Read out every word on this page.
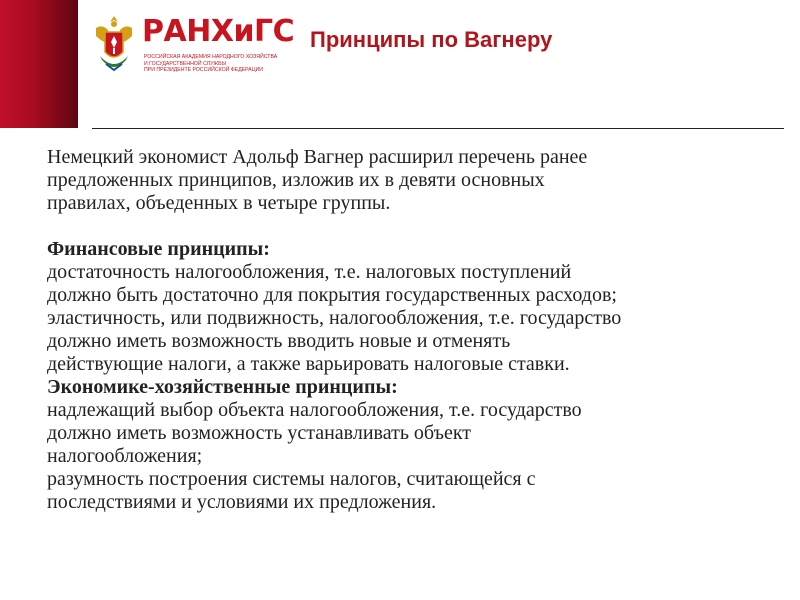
РАНХиГС
РОССИЙСКАЯ АКАДЕМИЯ НАРОДНОГО ХОЗЯЙСТВА
И ГОСУДАРСТВЕННОЙ СЛУЖБЫ
ПРИ ПРЕЗИДЕНТЕ РОССИЙСКОЙ ФЕДЕРАЦИИ
Принципы по Вагнеру

Немецкий экономист Адольф Вагнер расширил перечень ранее
предложенных принципов, изложив их в девяти основных
правилах, объеденных в четыре группы.

Финансовые принципы:

достаточность налогообложения, т.е. налоговых поступлений
должно быть достаточно для покрытия государственных расходов;

эластичность, или подвижность, налогообложения, т.е. государство
должно иметь возможность вводить новые и отменять
действующие налоги, а также варьировать налоговые ставки.

Экономике-хозяйственные принципы:

надлежащий выбор объекта налогообложения, т.е. государство
должно иметь возможность устанавливать объект
налогообложения;

разумность построения системы налогов, считающейся с
последствиями и условиями их предложения.
